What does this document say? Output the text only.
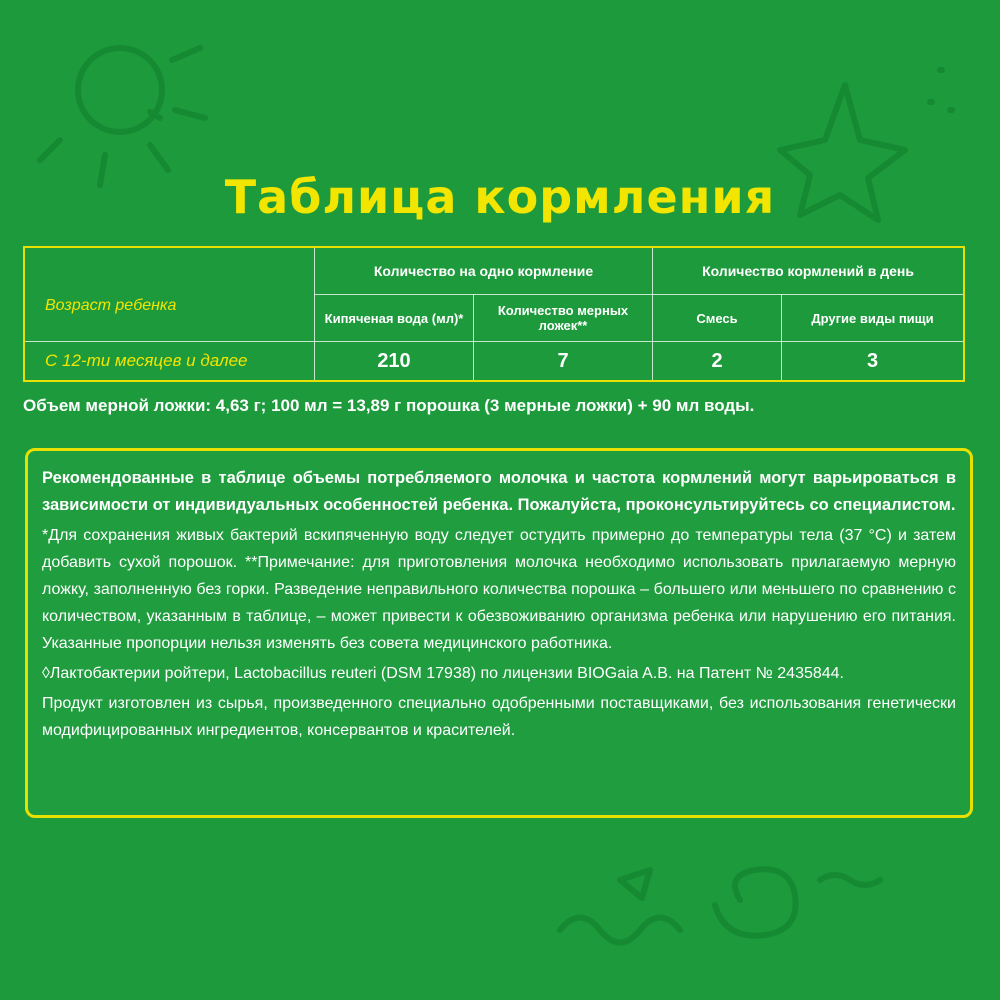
Таблица кормления
Возраст ребенка	Количество на одно кормление		Количество кормлений в день	
	Кипяченая вода (мл)*	Количество мерных ложек**	Смесь	Другие виды пищи
С 12-ти месяцев и далее	210	7	2	3
Объем мерной ложки: 4,63 г; 100 мл = 13,89 г порошка (3 мерные ложки) + 90 мл воды.
Рекомендованные в таблице объемы потребляемого молочка и частота кормлений могут варьироваться в зависимости от индивидуальных особенностей ребенка. Пожалуйста, проконсультируйтесь со специалистом.
*Для сохранения живых бактерий вскипяченную воду следует остудить примерно до температуры тела (37 °C) и затем добавить сухой порошок. **Примечание: для приготовления молочка необходимо использовать прилагаемую мерную ложку, заполненную без горки. Разведение неправильного количества порошка – большего или меньшего по сравнению с количеством, указанным в таблице, – может привести к обезвоживанию организма ребенка или нарушению его питания. Указанные пропорции нельзя изменять без совета медицинского работника.
◊Лактобактерии ройтери, Lactobacillus reuteri (DSM 17938) по лицензии BIOGaia A.B. на Патент № 2435844.
Продукт изготовлен из сырья, произведенного специально одобренными поставщиками, без использования генетически модифицированных ингредиентов, консервантов и красителей.
